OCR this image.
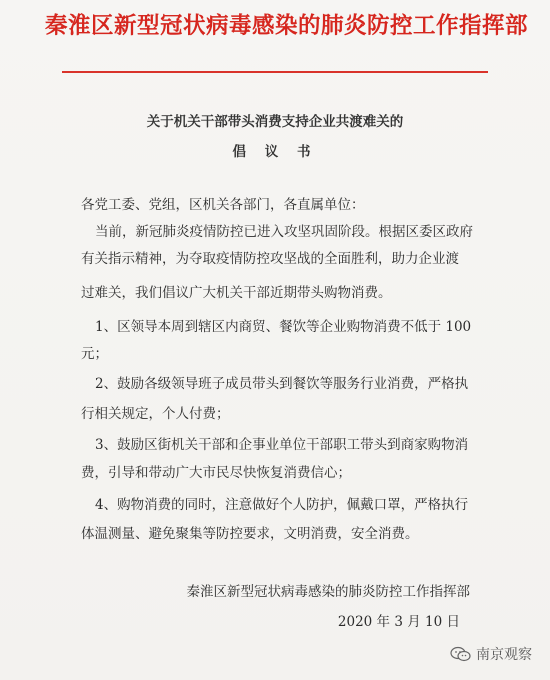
秦淮区新型冠状病毒感染的肺炎防控工作指挥部
关于机关干部带头消费支持企业共渡难关的
倡 议 书
各党工委、党组，区机关各部门，各直属单位：
当前，新冠肺炎疫情防控已进入攻坚巩固阶段。根据区委区政府
有关指示精神，为夺取疫情防控攻坚战的全面胜利，助力企业渡
过难关，我们倡议广大机关干部近期带头购物消费。
1、区领导本周到辖区内商贸、餐饮等企业购物消费不低于 100
元；
2、鼓励各级领导班子成员带头到餐饮等服务行业消费，严格执
行相关规定，个人付费；
3、鼓励区街机关干部和企事业单位干部职工带头到商家购物消
费，引导和带动广大市民尽快恢复消费信心；
4、购物消费的同时，注意做好个人防护，佩戴口罩，严格执行
体温测量、避免聚集等防控要求，文明消费，安全消费。
秦淮区新型冠状病毒感染的肺炎防控工作指挥部
2020 年 3 月 10 日
南京观察
